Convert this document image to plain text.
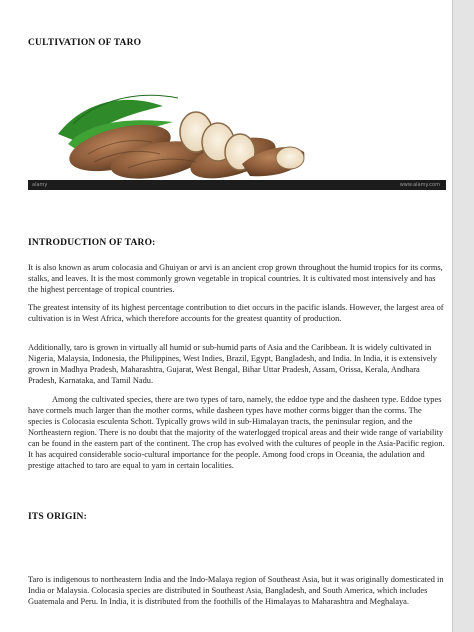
CULTIVATION OF TARO
INTRODUCTION OF TARO:

It is also known as arum colocasia and Ghuiyan or arvi is an ancient crop grown throughout the humid tropics for its corms, stalks, and leaves. It is the most commonly grown vegetable in tropical countries. It is cultivated most intensively and has the highest percentage of tropical countries.

The greatest intensity of its highest percentage contribution to diet occurs in the pacific islands. However, the largest area of cultivation is in West Africa, which therefore accounts for the greatest quantity of production.

Additionally, taro is grown in virtually all humid or sub-humid parts of Asia and the Caribbean. It is widely cultivated in Nigeria, Malaysia, Indonesia, the Philippines, West Indies, Brazil, Egypt, Bangladesh, and India. In India, it is extensively grown in Madhya Pradesh, Maharashtra, Gujarat, West Bengal, Bihar Uttar Pradesh, Assam, Orissa, Kerala, Andhara Pradesh, Karnataka, and Tamil Nadu.

Among the cultivated species, there are two types of taro, namely, the eddoe type and the dasheen type. Eddoe types have cormels much larger than the mother corms, while dasheen types have mother corms bigger than the corms. The species is Colocasia esculenta Schott. Typically grows wild in sub-Himalayan tracts, the peninsular region, and the Northeastern region. There is no doubt that the majority of the waterlogged tropical areas and their wide range of variability can be found in the eastern part of the continent. The crop has evolved with the cultures of people in the Asia-Pacific region. It has acquired considerable socio-cultural importance for the people. Among food crops in Oceania, the adulation and prestige attached to taro are equal to yam in certain localities.

ITS ORIGIN:

Taro is indigenous to northeastern India and the Indo-Malaya region of Southeast Asia, but it was originally domesticated in India or Malaysia. Colocasia species are distributed in Southeast Asia, Bangladesh, and South America, which includes Guatemala and Peru. In India, it is distributed from the foothills of the Himalayas to Maharashtra and Meghalaya.

alamy	www.alamy.com
